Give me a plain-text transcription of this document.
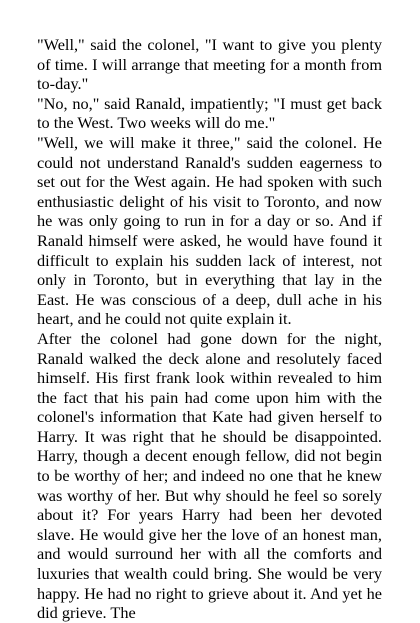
"Well," said the colonel, "I want to give you plenty of time. I will arrange that meeting for a month from to-day."

"No, no," said Ranald, impatiently; "I must get back to the West. Two weeks will do me."

"Well, we will make it three," said the colonel. He could not understand Ranald's sudden eagerness to set out for the West again. He had spoken with such enthusiastic delight of his visit to Toronto, and now he was only going to run in for a day or so. And if Ranald himself were asked, he would have found it difficult to explain his sudden lack of interest, not only in Toronto, but in everything that lay in the East. He was conscious of a deep, dull ache in his heart, and he could not quite explain it.

After the colonel had gone down for the night, Ranald walked the deck alone and resolutely faced himself. His first frank look within revealed to him the fact that his pain had come upon him with the colonel's information that Kate had given herself to Harry. It was right that he should be disappointed. Harry, though a decent enough fellow, did not begin to be worthy of her; and indeed no one that he knew was worthy of her. But why should he feel so sorely about it? For years Harry had been her devoted slave. He would give her the love of an honest man, and would surround her with all the comforts and luxuries that wealth could bring. She would be very happy. He had no right to grieve about it. And yet he did grieve. The
